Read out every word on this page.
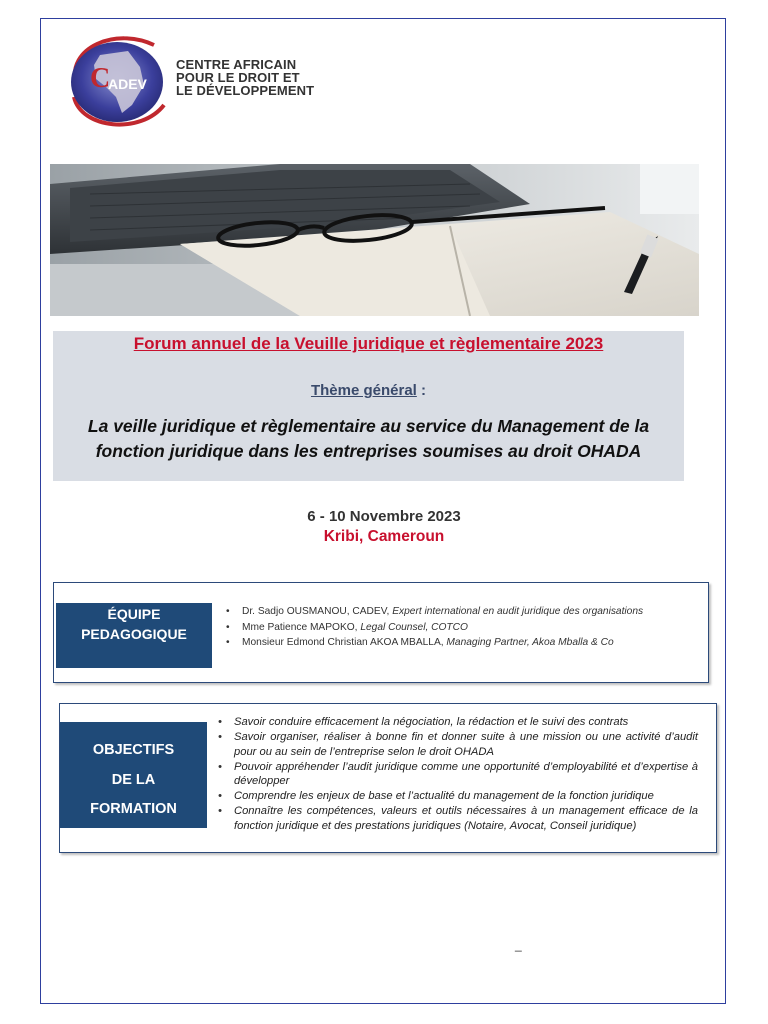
C
ADEV
CENTRE AFRICAIN
POUR LE DROIT ET
LE DÉVELOPPEMENT
Forum annuel de la Veuille juridique et règlementaire 2023
Thème général :
La veille juridique et règlementaire au service du Management de la fonction juridique dans les entreprises soumises au droit OHADA
6 - 10 Novembre 2023
Kribi, Cameroun
ÉQUIPE
PEDAGOGIQUE
• Dr. Sadjo OUSMANOU, CADEV, Expert international en audit juridique des organisations
• Mme Patience MAPOKO, Legal Counsel, COTCO
• Monsieur Edmond Christian AKOA MBALLA, Managing Partner, Akoa Mballa & Co
OBJECTIFS
DE LA
FORMATION
• Savoir conduire efficacement la négociation, la rédaction et le suivi des contrats
• Savoir organiser, réaliser à bonne fin et donner suite à une mission ou une activité d’audit pour ou au sein de l’entreprise selon le droit OHADA
• Pouvoir appréhender l’audit juridique comme une opportunité d’employabilité et d’expertise à développer
• Comprendre les enjeux de base et l’actualité du management de la fonction juridique
• Connaître les compétences, valeurs et outils nécessaires à un management efficace de la fonction juridique et des prestations juridiques (Notaire, Avocat, Conseil juridique)
_
